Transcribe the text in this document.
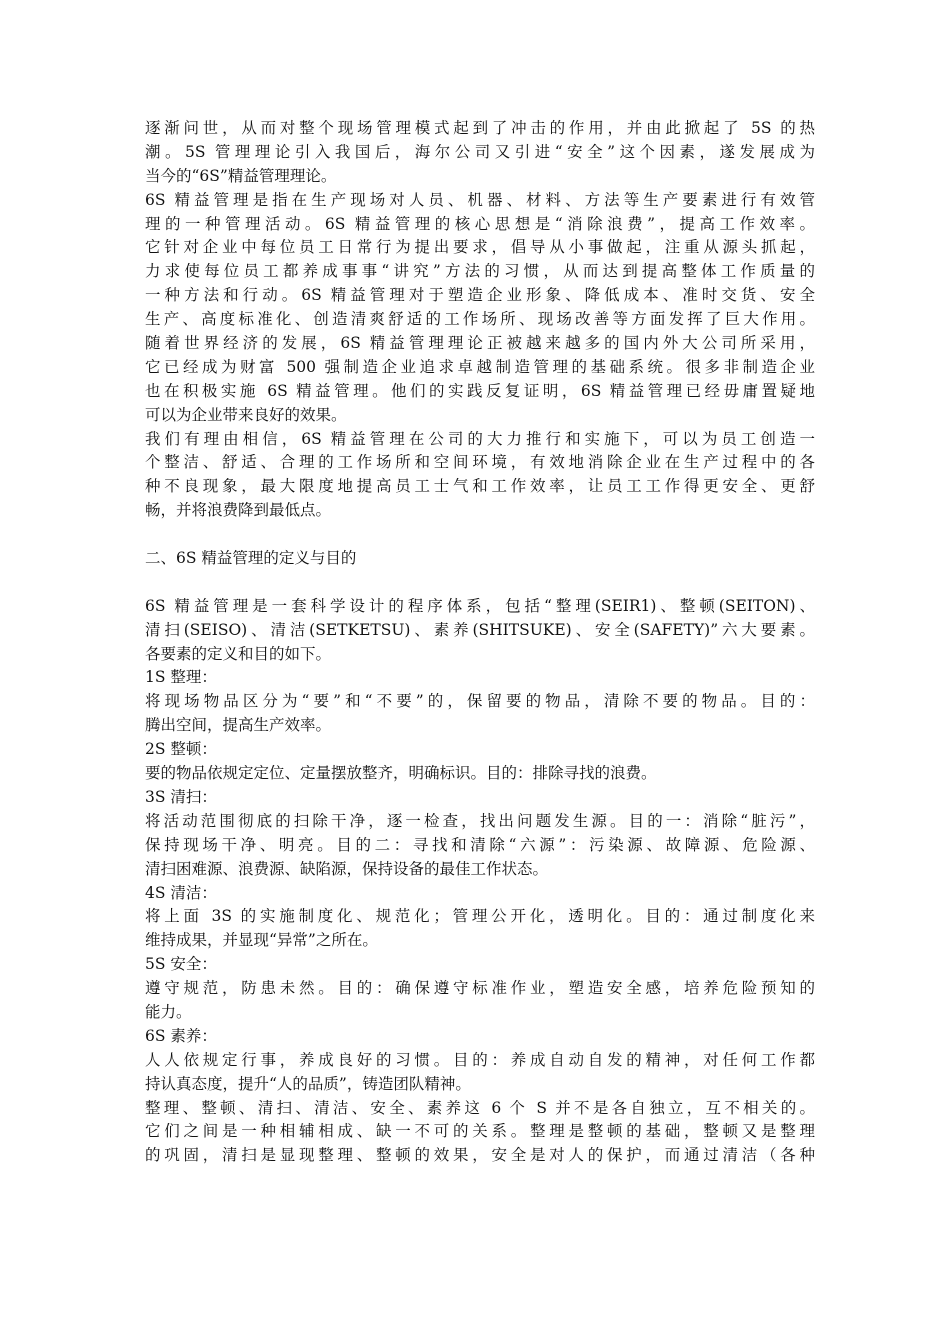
逐渐问世，从而对整个现场管理模式起到了冲击的作用，并由此掀起了 5S 的热
潮。5S 管理理论引入我国后，海尔公司又引进“安全”这个因素，遂发展成为
当今的“6S”精益管理理论。
6S 精益管理是指在生产现场对人员、机器、材料、方法等生产要素进行有效管
理的一种管理活动。6S 精益管理的核心思想是“消除浪费”，提高工作效率。
它针对企业中每位员工日常行为提出要求，倡导从小事做起，注重从源头抓起，
力求使每位员工都养成事事“讲究”方法的习惯，从而达到提高整体工作质量的
一种方法和行动。6S 精益管理对于塑造企业形象、降低成本、准时交货、安全
生产、高度标准化、创造清爽舒适的工作场所、现场改善等方面发挥了巨大作用。
随着世界经济的发展，6S 精益管理理论正被越来越多的国内外大公司所采用，
它已经成为财富 500 强制造企业追求卓越制造管理的基础系统。很多非制造企业
也在积极实施 6S 精益管理。他们的实践反复证明，6S 精益管理已经毋庸置疑地
可以为企业带来良好的效果。
我们有理由相信，6S 精益管理在公司的大力推行和实施下，可以为员工创造一
个整洁、舒适、合理的工作场所和空间环境，有效地消除企业在生产过程中的各
种不良现象，最大限度地提高员工士气和工作效率，让员工工作得更安全、更舒
畅，并将浪费降到最低点。
二、6S 精益管理的定义与目的
6S 精益管理是一套科学设计的程序体系，包括“整理(SEIR1)、整顿(SEITON)、
清扫(SEISO)、清洁(SETKETSU)、素养(SHITSUKE)、安全(SAFETY)”六大要素。
各要素的定义和目的如下。
1S 整理：
将现场物品区分为“要”和“不要”的，保留要的物品，清除不要的物品。目的：
腾出空间，提高生产效率。
2S 整顿：
要的物品依规定定位、定量摆放整齐，明确标识。目的：排除寻找的浪费。
3S 清扫：
将活动范围彻底的扫除干净，逐一检查，找出问题发生源。目的一：消除“脏污”，
保持现场干净、明亮。目的二：寻找和清除“六源”：污染源、故障源、危险源、
清扫困难源、浪费源、缺陷源，保持设备的最佳工作状态。
4S 清洁：
将上面 3S 的实施制度化、规范化；管理公开化，透明化。目的：通过制度化来
维持成果，并显现“异常”之所在。
5S 安全：
遵守规范，防患未然。目的：确保遵守标准作业，塑造安全感，培养危险预知的
能力。
6S 素养：
人人依规定行事，养成良好的习惯。目的：养成自动自发的精神，对任何工作都
持认真态度，提升“人的品质”，铸造团队精神。
整理、整顿、清扫、清洁、安全、素养这 6 个 S 并不是各自独立，互不相关的。
它们之间是一种相辅相成、缺一不可的关系。整理是整顿的基础，整顿又是整理
的巩固，清扫是显现整理、整顿的效果，安全是对人的保护，而通过清洁（各种
